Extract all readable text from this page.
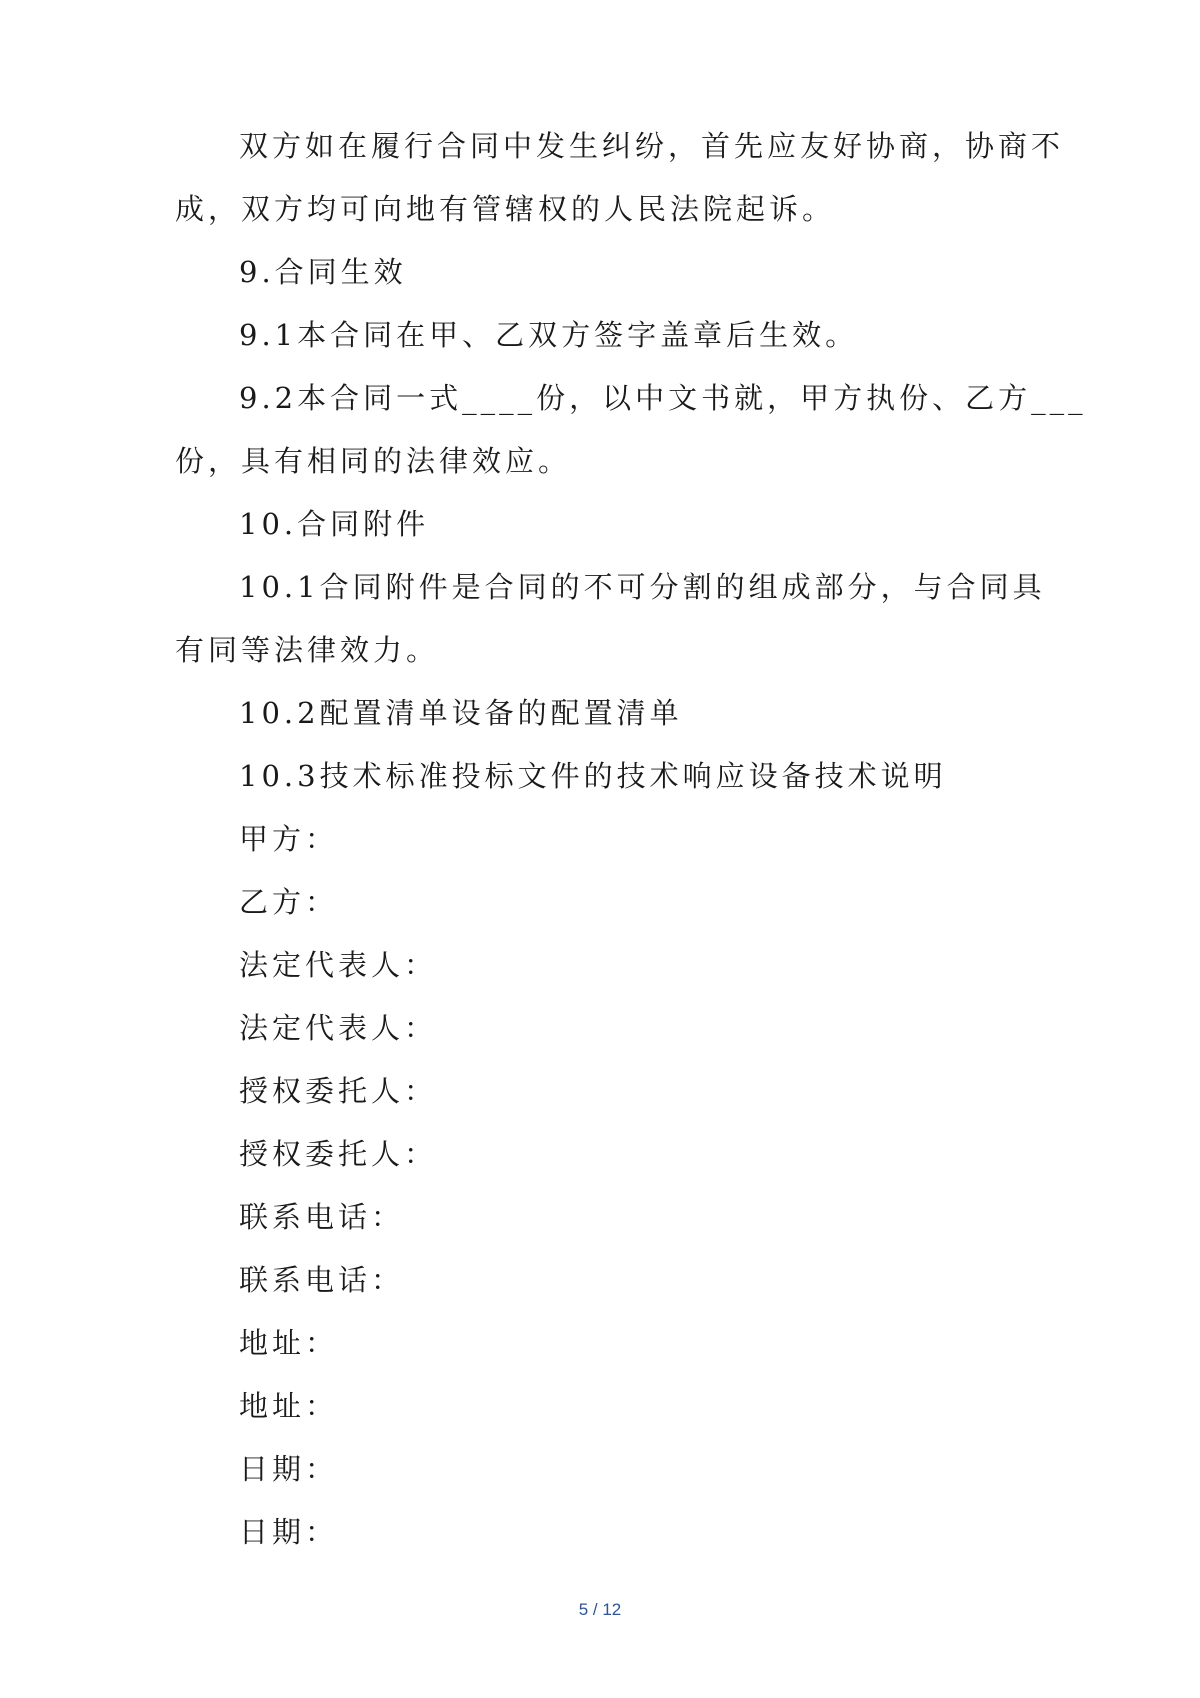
双方如在履行合同中发生纠纷，首先应友好协商，协商不

成，双方均可向地有管辖权的人民法院起诉。

9.合同生效

9.1本合同在甲、乙双方签字盖章后生效。

9.2本合同一式____份，以中文书就，甲方执份、乙方___

份，具有相同的法律效应。

10.合同附件

10.1合同附件是合同的不可分割的组成部分，与合同具

有同等法律效力。

10.2配置清单设备的配置清单

10.3技术标准投标文件的技术响应设备技术说明

甲方：

乙方：

法定代表人：

法定代表人：

授权委托人：

授权委托人：

联系电话：

联系电话：

地址：

地址：

日期：

日期：

5 / 12
